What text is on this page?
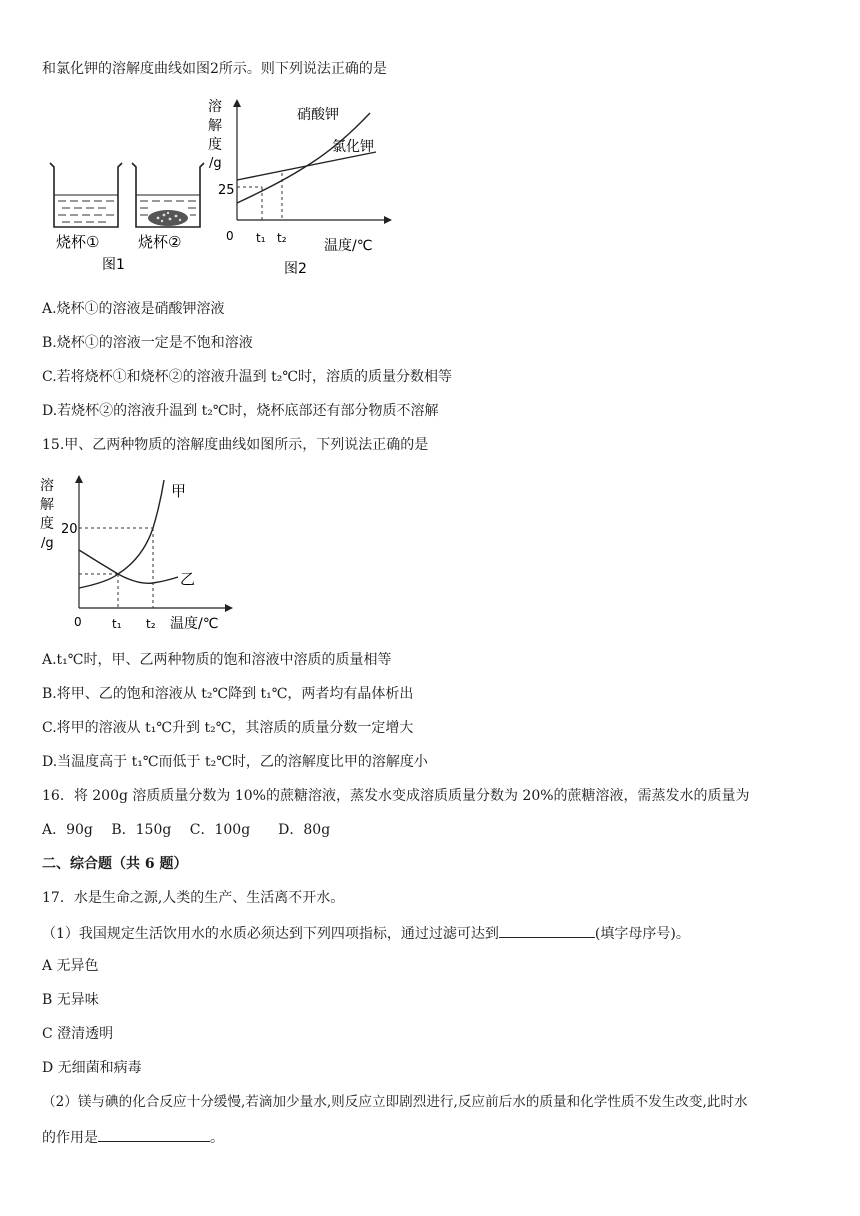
和氯化钾的溶解度曲线如图2所示。则下列说法正确的是
烧杯①	烧杯②
图1
溶
解
度
/g
硝酸钾
氯化钾
25
0 t₁ t₂	温度/℃
图2
A.烧杯①的溶液是硝酸钾溶液
B.烧杯①的溶液一定是不饱和溶液
C.若将烧杯①和烧杯②的溶液升温到 t₂℃时，溶质的质量分数相等
D.若烧杯②的溶液升温到 t₂℃时，烧杯底部还有部分物质不溶解
15.甲、乙两种物质的溶解度曲线如图所示，下列说法正确的是
溶
解
度
/g
甲
乙
20
0	t₁ t₂ 温度/℃
A.t₁℃时，甲、乙两种物质的饱和溶液中溶质的质量相等
B.将甲、乙的饱和溶液从 t₂℃降到 t₁℃，两者均有晶体析出
C.将甲的溶液从 t₁℃升到 t₂℃，其溶质的质量分数一定增大
D.当温度高于 t₁℃而低于 t₂℃时，乙的溶解度比甲的溶解度小
16．将 200g 溶质质量分数为 10%的蔗糖溶液，蒸发水变成溶质质量分数为 20%的蔗糖溶液，需蒸发水的质量为
A．90g　 B．150g　 C．100g　　D．80g
二、综合题（共 6 题）
17．水是生命之源,人类的生产、生活离不开水。
（1）我国规定生活饮用水的水质必须达到下列四项指标，通过过滤可达到	(填字母序号)。
A 无异色
B 无异味
C 澄清透明
D 无细菌和病毒
（2）镁与碘的化合反应十分缓慢,若滴加少量水,则反应立即剧烈进行,反应前后水的质量和化学性质不发生改变,此时水
的作用是	。
